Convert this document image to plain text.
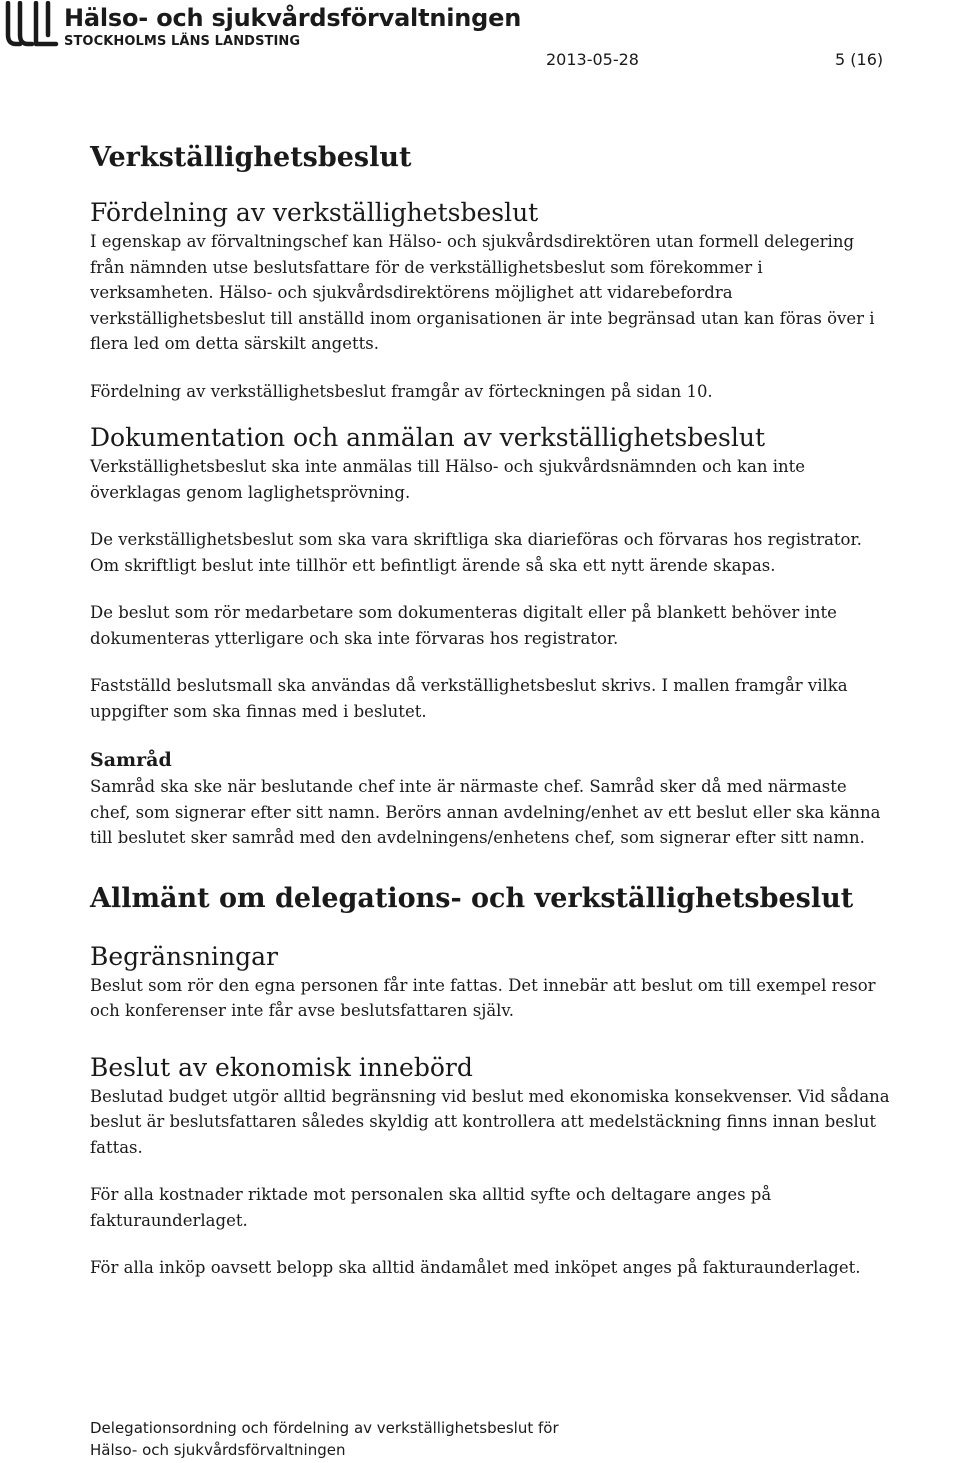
Hälso- och sjukvårdsförvaltningen
STOCKHOLMS LÄNS LANDSTING
2013-05-28	5 (16)
Verkställighetsbeslut
Fördelning av verkställighetsbeslut

I egenskap av förvaltningschef kan Hälso- och sjukvårdsdirektören utan formell delegering från nämnden utse beslutsfattare för de verkställighetsbeslut som förekommer i verksamheten. Hälso- och sjukvårdsdirektörens möjlighet att vidarebefordra verkställighetsbeslut till anställd inom organisationen är inte begränsad utan kan föras över i flera led om detta särskilt angetts.

Fördelning av verkställighetsbeslut framgår av förteckningen på sidan 10.

Dokumentation och anmälan av verkställighetsbeslut

Verkställighetsbeslut ska inte anmälas till Hälso- och sjukvårdsnämnden och kan inte överklagas genom laglighetsprövning.

De verkställighetsbeslut som ska vara skriftliga ska diarieföras och förvaras hos registrator. Om skriftligt beslut inte tillhör ett befintligt ärende så ska ett nytt ärende skapas.

De beslut som rör medarbetare som dokumenteras digitalt eller på blankett behöver inte dokumenteras ytterligare och ska inte förvaras hos registrator.

Fastställd beslutsmall ska användas då verkställighetsbeslut skrivs. I mallen framgår vilka uppgifter som ska finnas med i beslutet.

Samråd

Samråd ska ske när beslutande chef inte är närmaste chef. Samråd sker då med närmaste chef, som signerar efter sitt namn. Berörs annan avdelning/enhet av ett beslut eller ska känna till beslutet sker samråd med den avdelningens/enhetens chef, som signerar efter sitt namn.

Allmänt om delegations- och verkställighetsbeslut
Begränsningar

Beslut som rör den egna personen får inte fattas. Det innebär att beslut om till exempel resor och konferenser inte får avse beslutsfattaren själv.

Beslut av ekonomisk innebörd

Beslutad budget utgör alltid begränsning vid beslut med ekonomiska konsekvenser. Vid sådana beslut är beslutsfattaren således skyldig att kontrollera att medelstäckning finns innan beslut fattas.

För alla kostnader riktade mot personalen ska alltid syfte och deltagare anges på fakturaunderlaget.

För alla inköp oavsett belopp ska alltid ändamålet med inköpet anges på fakturaunderlaget.

Delegationsordning och fördelning av verkställighetsbeslut för
Hälso- och sjukvårdsförvaltningen
